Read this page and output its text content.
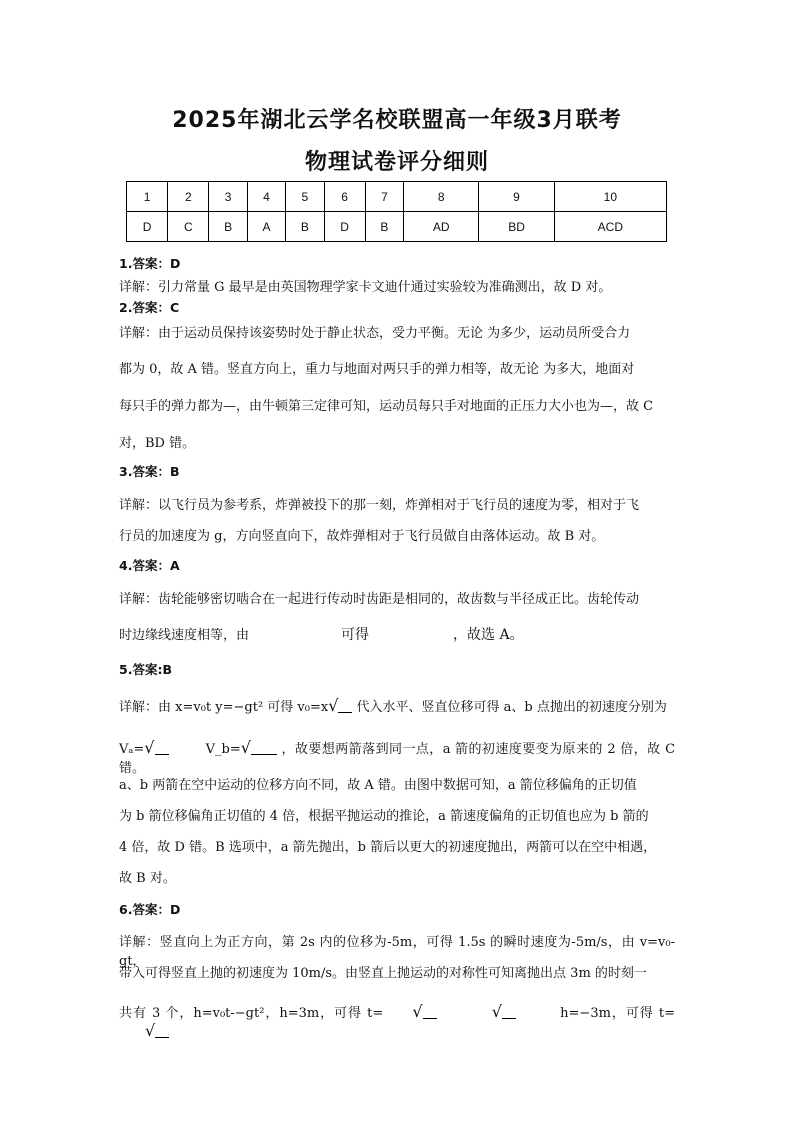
2025年湖北云学名校联盟高一年级3月联考
物理试卷评分细则
1	2	3	4	5	6	7	8	9	10
D	C	B	A	B	D	B	AD	BD	ACD
1.答案：D
详解：引力常量 G 最早是由英国物理学家卡文迪什通过实验较为准确测出，故 D 对。
2.答案：C
详解：由于运动员保持该姿势时处于静止状态，受力平衡。无论 为多少，运动员所受合力
都为 0，故 A 错。竖直方向上，重力与地面对两只手的弹力相等，故无论 为多大，地面对
每只手的弹力都为—，由牛顿第三定律可知，运动员每只手对地面的正压力大小也为—，故 C
对，BD 错。
3.答案：B
详解：以飞行员为参考系，炸弹被投下的那一刻，炸弹相对于飞行员的速度为零，相对于飞
行员的加速度为 g，方向竖直向下，故炸弹相对于飞行员做自由落体运动。故 B 对。
4.答案：A
详解：齿轮能够密切啮合在一起进行传动时齿距是相同的，故齿数与半径成正比。齿轮传动
时边缘线速度相等，由	可得	，故选 A。
5.答案:B
详解：由 x=v₀t y=−gt² 可得 v₀=x√ 代入水平、竖直位移可得 a、b 点抛出的初速度分别为
Vₐ=√	V_b=√ ，故要想两箭落到同一点，a 箭的初速度要变为原来的 2 倍，故 C 错。
a、b 两箭在空中运动的位移方向不同，故 A 错。由图中数据可知，a 箭位移偏角的正切值
为 b 箭位移偏角正切值的 4 倍，根据平抛运动的推论，a 箭速度偏角的正切值也应为 b 箭的
4 倍，故 D 错。B 选项中，a 箭先抛出，b 箭后以更大的初速度抛出，两箭可以在空中相遇，
故 B 对。
6.答案：D
详解：竖直向上为正方向，第 2s 内的位移为-5m，可得 1.5s 的瞬时速度为-5m/s，由 v=v₀-gt，
带入可得竖直上抛的初速度为 10m/s。由竖直上抛运动的对称性可知离抛出点 3m 的时刻一
共有 3 个，h=v₀t-−gt²，h=3m，可得 t= √	√	h=−3m，可得 t= √
